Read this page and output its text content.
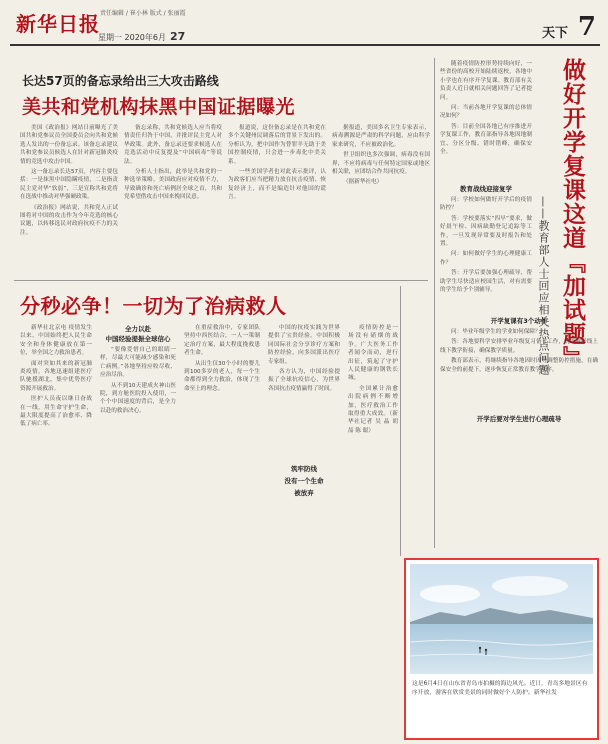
新华日报 责任编辑 / 崔小林 版式 / 张丽霞
星期一 2020年6月 27	天下 7
长达57页的备忘录给出三大攻击路线
美共和党机构抹黑中国证据曝光

美国《政治报》网站日前曝光了美国共和党参议员全国委员会向共和党候选人发出的一份备忘录。该备忘录建议共和党参议员候选人在针对新冠肺炎疫情的竞选中攻击中国。

这一备忘录长达57页，内容主要包括：一是抹黑中国隐瞒疫情，二是指责民主党对华“软弱”，三是宣称共和党将在选战中推动对华强硬政策。

《政治报》网站说，共和党人正试图将对中国的攻击作为今年竞选的核心议题，以转移选民对政府抗疫不力的关注。

备忘录称，共和党候选人应当将疫情责任归咎于中国，并批评民主党人对华政策。此外，备忘录还要求候选人在竞选活动中反复提及“中国病毒”等说法。

分析人士指出，此举是共和党的一种选举策略。美国政府应对疫情不力，导致确诊和死亡病例居全球之首，共和党希望借攻击中国来挽回民意。

报道说，这份备忘录是在共和党在多个关键州民调落后的背景下发出的。分析认为，把中国作为替罪羊无助于美国控制疫情，只会进一步毒化中美关系。

一些美国学者也对此表示批评，认为政客们应当把精力放在抗击疫情、恢复经济上，而不是编造针对他国的谎言。

据报道，美国多名卫生专家表示，病毒溯源是严肃的科学问题，应由科学家来研究，不应被政治化。

世卫组织也多次强调，病毒没有国界，不应将病毒与任何特定国家或地区相关联，应团结合作共同抗疫。

（据新华社电）

分秒必争！一切为了治病救人

新华社北京电 疫情发生以来，中国始终把人民生命安全和身体健康放在第一位，举全国之力救治患者。

面对突如其来的新冠肺炎疫情，各地迅速组建医疗队驰援湖北，集中优势医疗资源开展救治。

医护人员夜以继日奋战在一线，用生命守护生命，最大限度提高了治愈率、降低了病亡率。

全力以赴
中国经验提振全球信心

“要像爱惜自己的眼睛一样，尽最大可能减少感染和死亡病例。”各地坚持应收尽收、应治尽治。

从不到10天建成火神山医院，到方舱医院投入使用，一个个中国速度的背后，是全力以赴的救治决心。

在重症救治中，专家团队坚持中西医结合，一人一策制定治疗方案，最大程度挽救患者生命。

从出生仅30个小时的婴儿到100多岁的老人，每一个生命都得到全力救治，体现了生命至上的理念。

中国的抗疫实践为世界提供了宝贵经验。中国积极同国际社会分享诊疗方案和防控经验，向多国派出医疗专家组。

各方认为，中国经验提振了全球抗疫信心，为世界各国抗击疫情赢得了时间。

筑牢防线
没有一个生命
被放弃

疫情防控是一场没有硝烟的战争。广大医务工作者闻令而动，逆行出征，筑起了守护人民健康的钢铁长城。

全国累计治愈出院病例不断增加，医疗救治工作取得重大成效。（新华社记者 吴 晶 胡 喆 陈 聪）

做好开学复课这道『加试题』
——教育部人士回应相关热点问题

随着疫情防控形势持续向好，一些省份的高校开始陆续返校，各地中小学也在有序开学复课。教育部有关负责人近日就相关问题回答了记者提问。

问：当前各地开学复课的总体情况如何？

答：目前全国各地已有序推进开学复课工作，教育部指导各地因地制宜、分区分级、错时错峰，确保安全。

教育战线迎接复学

问：学校如何做好开学后的疫情防控？

答：学校要落实“四早”要求，做好晨午检、因病缺勤登记追踪等工作，一旦发现异常要及时报告和处置。

问：如何做好学生的心理健康工作？

答：开学后要加强心理疏导，帮助学生尽快适应校园生活，对有需要的学生给予个别辅导。

开学复课有3个动作
开学后要对学生进行心理疏导

问：毕业年级学生的学业如何保障？

答：各地要科学安排毕业年级复习备考工作，统筹做好线上线下教学衔接，确保教学质量。

教育部表示，将继续指导各地因时因势调整防控措施，在确保安全的前提下，逐步恢复正常教育教学秩序。

这是6月4日在山东省青岛市拍摄的海边风光。近日，青岛多地景区有序开放，游客在欣赏美景的同时做好个人防护。新华社发
